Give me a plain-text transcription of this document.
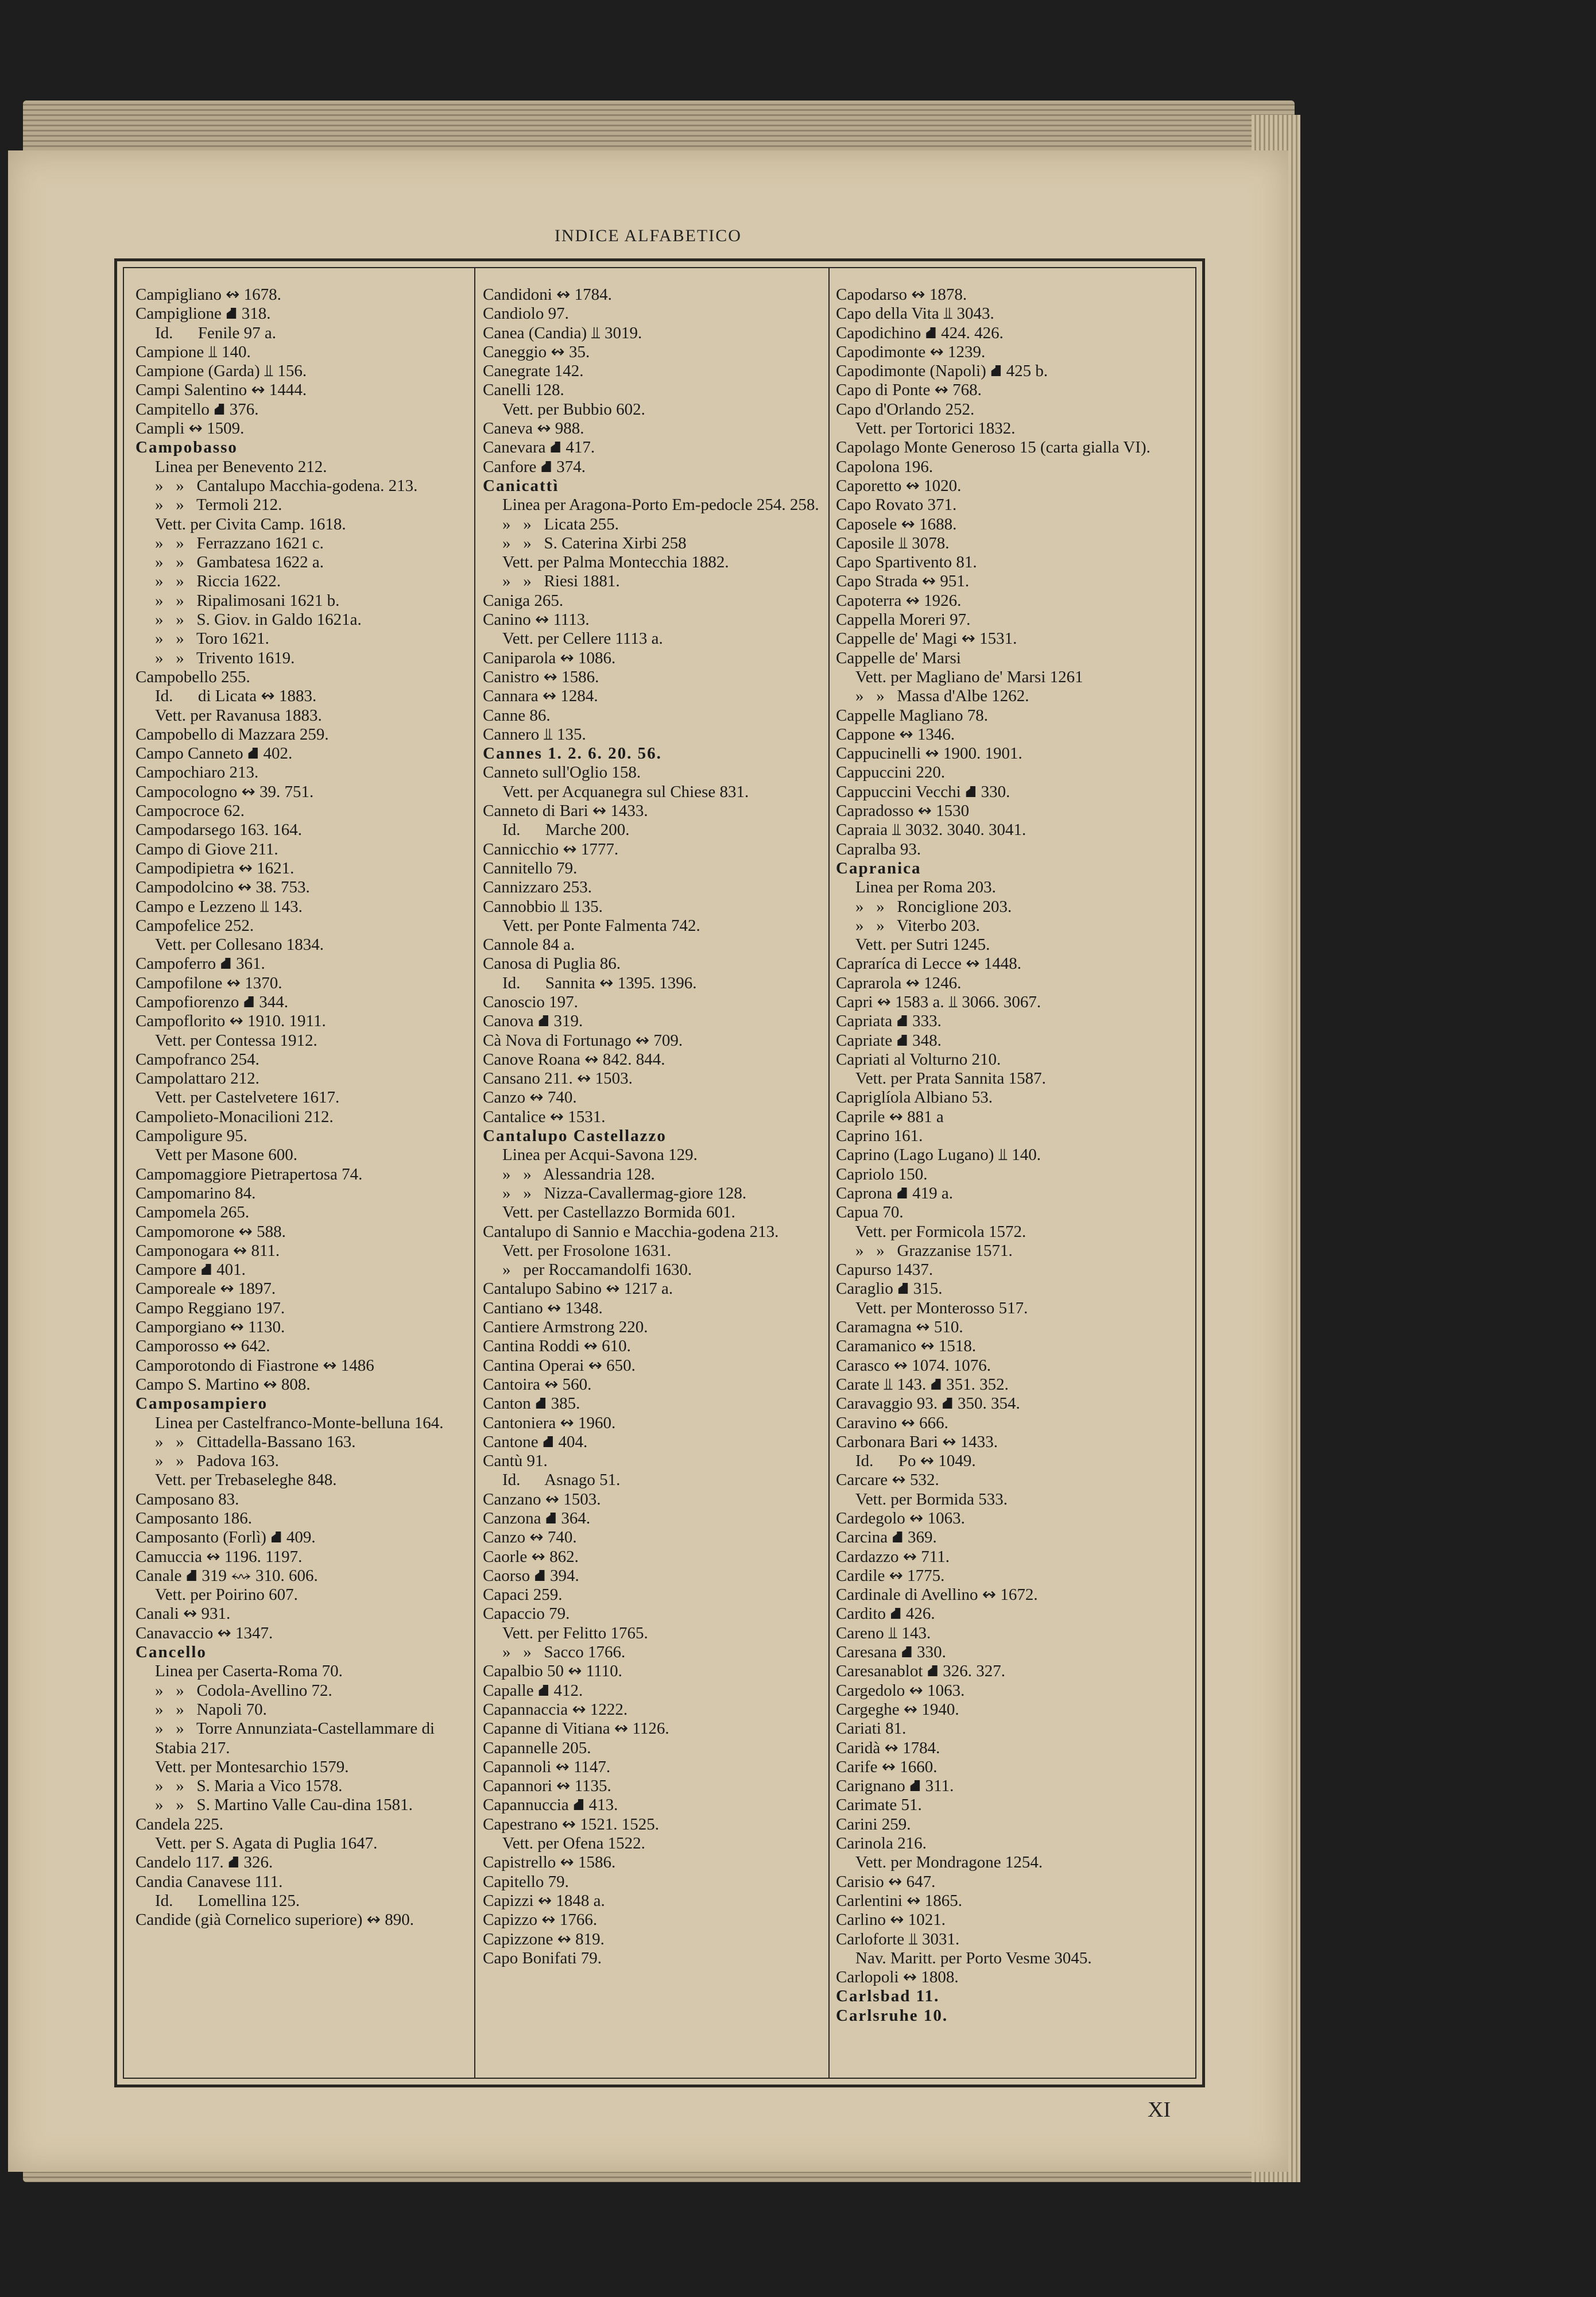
INDICE ALFABETICO
Campigliano ↭ 1678.
Campiglione ⛘ 318.
Id.      Fenile 97 a.
Campione ⫫ 140.
Campione (Garda) ⫫ 156.
Campi Salentino ↭ 1444.
Campitello ⛘ 376.
Campli ↭ 1509.
Campobasso
Linea per Benevento 212.
»   »   Cantalupo Macchia-godena. 213.
»   »   Termoli 212.
Vett. per Civita Camp. 1618.
»   »   Ferrazzano 1621 c.
»   »   Gambatesa 1622 a.
»   »   Riccia 1622.
»   »   Ripalimosani 1621 b.
»   »   S. Giov. in Galdo 1621a.
»   »   Toro 1621.
»   »   Trivento 1619.
Campobello 255.
Id.      di Licata ↭ 1883.
Vett. per Ravanusa 1883.
Campobello di Mazzara 259.
Campo Canneto ⛘ 402.
Campochiaro 213.
Campocologno ↭ 39. 751.
Campocroce 62.
Campodarsego 163. 164.
Campo di Giove 211.
Campodipietra ↭ 1621.
Campodolcino ↭ 38. 753.
Campo e Lezzeno ⫫ 143.
Campofelice 252.
Vett. per Collesano 1834.
Campoferro ⛘ 361.
Campofilone ↭ 1370.
Campofiorenzo ⛘ 344.
Campoflorito ↭ 1910. 1911.
Vett. per Contessa 1912.
Campofranco 254.
Campolattaro 212.
Vett. per Castelvetere 1617.
Campolieto-Monacilioni 212.
Campoligure 95.
Vett per Masone 600.
Campomaggiore Pietrapertosa 74.
Campomarino 84.
Campomela 265.
Campomorone ↭ 588.
Camponogara ↭ 811.
Campore ⛘ 401.
Camporeale ↭ 1897.
Campo Reggiano 197.
Camporgiano ↭ 1130.
Camporosso ↭ 642.
Camporotondo di Fiastrone ↭ 1486
Campo S. Martino ↭ 808.
Camposampiero
Linea per Castelfranco-Monte-belluna 164.
»   »   Cittadella-Bassano 163.
»   »   Padova 163.
Vett. per Trebaseleghe 848.
Camposano 83.
Camposanto 186.
Camposanto (Forlì) ⛘ 409.
Camuccia ↭ 1196. 1197.
Canale ⛘ 319 ↭ 310. 606.
Vett. per Poirino 607.
Canali ↭ 931.
Canavaccio ↭ 1347.
Cancello
Linea per Caserta-Roma 70.
»   »   Codola-Avellino 72.
»   »   Napoli 70.
»   »   Torre Annunziata-Castellammare di Stabia 217.
Vett. per Montesarchio 1579.
»   »   S. Maria a Vico 1578.
»   »   S. Martino Valle Cau-dina 1581.
Candela 225.
Vett. per S. Agata di Puglia 1647.
Candelo 117. ⛘ 326.
Candia Canavese 111.
Id.      Lomellina 125.
Candide (già Cornelico superiore) ↭ 890.
Candidoni ↭ 1784.
Candiolo 97.
Canea (Candia) ⫫ 3019.
Caneggio ↭ 35.
Canegrate 142.
Canelli 128.
Vett. per Bubbio 602.
Caneva ↭ 988.
Canevara ⛘ 417.
Canfore ⛘ 374.
Canicattì
Linea per Aragona-Porto Em-pedocle 254. 258.
»   »   Licata 255.
»   »   S. Caterina Xirbi 258
Vett. per Palma Montecchia 1882.
»   »   Riesi 1881.
Caniga 265.
Canino ↭ 1113.
Vett. per Cellere 1113 a.
Caniparola ↭ 1086.
Canistro ↭ 1586.
Cannara ↭ 1284.
Canne 86.
Cannero ⫫ 135.
Cannes 1. 2. 6. 20. 56.
Canneto sull'Oglio 158.
Vett. per Acquanegra sul Chiese 831.
Canneto di Bari ↭ 1433.
Id.      Marche 200.
Cannicchio ↭ 1777.
Cannitello 79.
Cannizzaro 253.
Cannobbio ⫫ 135.
Vett. per Ponte Falmenta 742.
Cannole 84 a.
Canosa di Puglia 86.
Id.      Sannita ↭ 1395. 1396.
Canoscio 197.
Canova ⛘ 319.
Cà Nova di Fortunago ↭ 709.
Canove Roana ↭ 842. 844.
Cansano 211. ↭ 1503.
Canzo ↭ 740.
Cantalice ↭ 1531.
Cantalupo Castellazzo
Linea per Acqui-Savona 129.
»   »   Alessandria 128.
»   »   Nizza-Cavallermag-giore 128.
Vett. per Castellazzo Bormida 601.
Cantalupo di Sannio e Macchia-godena 213.
Vett. per Frosolone 1631.
»   per Roccamandolfi 1630.
Cantalupo Sabino ↭ 1217 a.
Cantiano ↭ 1348.
Cantiere Armstrong 220.
Cantina Roddi ↭ 610.
Cantina Operai ↭ 650.
Cantoira ↭ 560.
Canton ⛘ 385.
Cantoniera ↭ 1960.
Cantone ⛘ 404.
Cantù 91.
Id.      Asnago 51.
Canzano ↭ 1503.
Canzona ⛘ 364.
Canzo ↭ 740.
Caorle ↭ 862.
Caorso ⛘ 394.
Capaci 259.
Capaccio 79.
Vett. per Felitto 1765.
»   »   Sacco 1766.
Capalbio 50 ↭ 1110.
Capalle ⛘ 412.
Capannaccia ↭ 1222.
Capanne di Vitiana ↭ 1126.
Capannelle 205.
Capannoli ↭ 1147.
Capannori ↭ 1135.
Capannuccia ⛘ 413.
Capestrano ↭ 1521. 1525.
Vett. per Ofena 1522.
Capistrello ↭ 1586.
Capitello 79.
Capizzi ↭ 1848 a.
Capizzo ↭ 1766.
Capizzone ↭ 819.
Capo Bonifati 79.
Capodarso ↭ 1878.
Capo della Vita ⫫ 3043.
Capodichino ⛘ 424. 426.
Capodimonte ↭ 1239.
Capodimonte (Napoli) ⛘ 425 b.
Capo di Ponte ↭ 768.
Capo d'Orlando 252.
Vett. per Tortorici 1832.
Capolago Monte Generoso 15 (carta gialla VI).
Capolona 196.
Caporetto ↭ 1020.
Capo Rovato 371.
Caposele ↭ 1688.
Caposile ⫫ 3078.
Capo Spartivento 81.
Capo Strada ↭ 951.
Capoterra ↭ 1926.
Cappella Moreri 97.
Cappelle de' Magi ↭ 1531.
Cappelle de' Marsi
Vett. per Magliano de' Marsi 1261
»   »   Massa d'Albe 1262.
Cappelle Magliano 78.
Cappone ↭ 1346.
Cappucinelli ↭ 1900. 1901.
Cappuccini 220.
Cappuccini Vecchi ⛘ 330.
Capradosso ↭ 1530
Capraia ⫫ 3032. 3040. 3041.
Capralba 93.
Capranica
Linea per Roma 203.
»   »   Ronciglione 203.
»   »   Viterbo 203.
Vett. per Sutri 1245.
Capraríca di Lecce ↭ 1448.
Caprarola ↭ 1246.
Capri ↭ 1583 a. ⫫ 3066. 3067.
Capriata ⛘ 333.
Capriate ⛘ 348.
Capriati al Volturno 210.
Vett. per Prata Sannita 1587.
Capriglíola Albiano 53.
Caprile ↭ 881 a
Caprino 161.
Caprino (Lago Lugano) ⫫ 140.
Capriolo 150.
Caprona ⛘ 419 a.
Capua 70.
Vett. per Formicola 1572.
»   »   Grazzanise 1571.
Capurso 1437.
Caraglio ⛘ 315.
Vett. per Monterosso 517.
Caramagna ↭ 510.
Caramanico ↭ 1518.
Carasco ↭ 1074. 1076.
Carate ⫫ 143. ⛘ 351. 352.
Caravaggio 93. ⛘ 350. 354.
Caravino ↭ 666.
Carbonara Bari ↭ 1433.
Id.      Po ↭ 1049.
Carcare ↭ 532.
Vett. per Bormida 533.
Cardegolo ↭ 1063.
Carcina ⛘ 369.
Cardazzo ↭ 711.
Cardile ↭ 1775.
Cardinale di Avellino ↭ 1672.
Cardito ⛘ 426.
Careno ⫫ 143.
Caresana ⛘ 330.
Caresanablot ⛘ 326. 327.
Cargedolo ↭ 1063.
Cargeghe ↭ 1940.
Cariati 81.
Caridà ↭ 1784.
Carife ↭ 1660.
Carignano ⛘ 311.
Carimate 51.
Carini 259.
Carinola 216.
Vett. per Mondragone 1254.
Carisio ↭ 647.
Carlentini ↭ 1865.
Carlino ↭ 1021.
Carloforte ⫫ 3031.
Nav. Maritt. per Porto Vesme 3045.
Carlopoli ↭ 1808.
Carlsbad 11.
Carlsruhe 10.
XI
